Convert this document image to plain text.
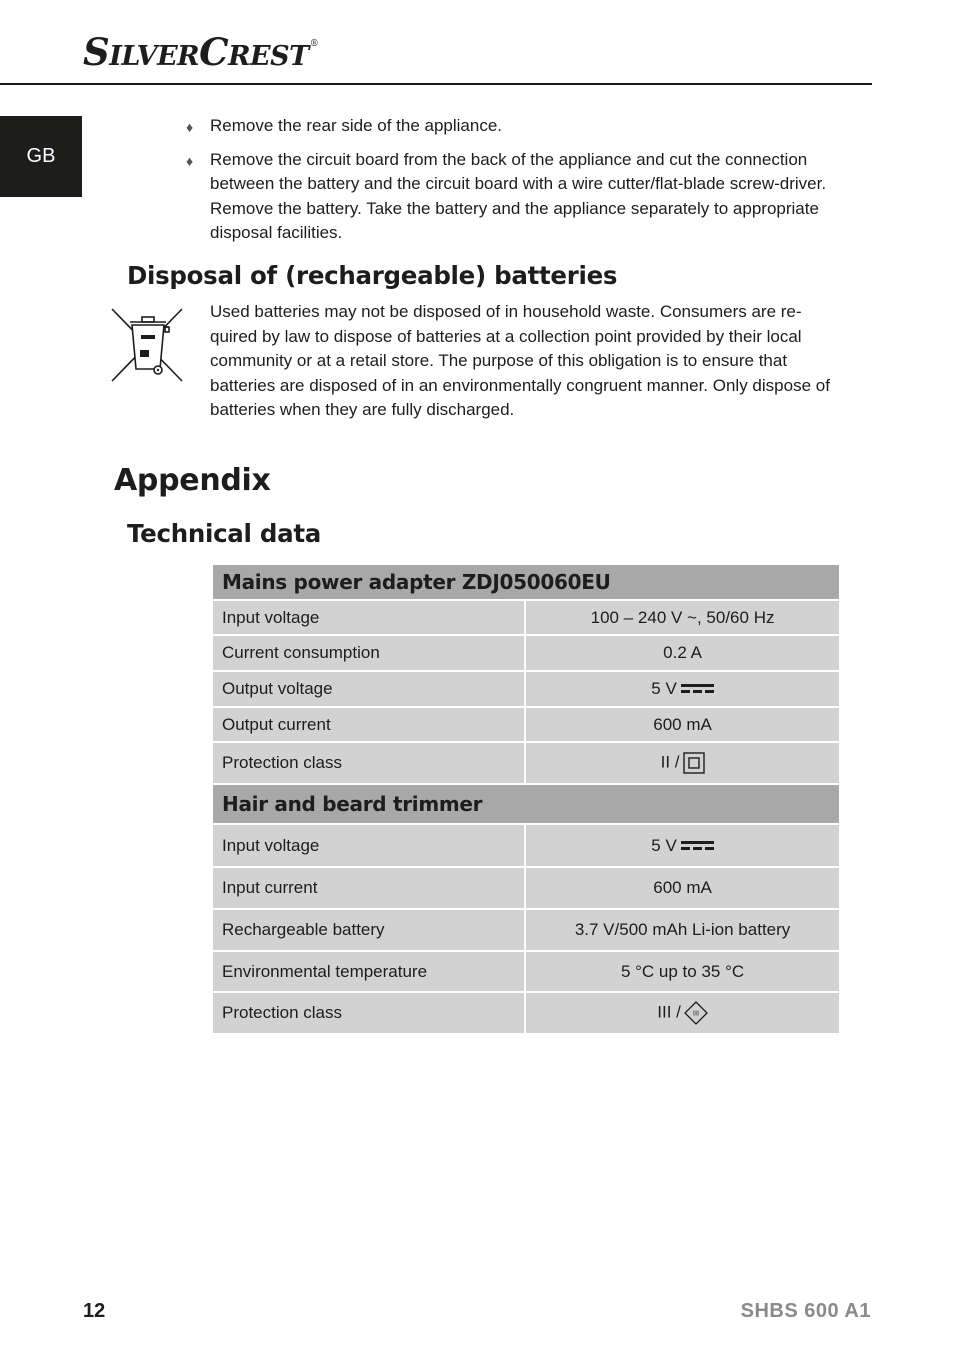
SILVERCREST®
GB
♦ Remove the rear side of the appliance.
♦ Remove the circuit board from the back of the appliance and cut the connection between the battery and the circuit board with a wire cutter/flat-blade screw-driver. Remove the battery. Take the battery and the appliance separately to appropriate disposal facilities.
Disposal of (rechargeable) batteries
Used batteries may not be disposed of in household waste. Consumers are re-quired by law to dispose of batteries at a collection point provided by their local community or at a retail store. The purpose of this obligation is to ensure that batteries are disposed of in an environmentally congruent manner. Only dispose of batteries when they are fully discharged.
Appendix
Technical data
Mains power adapter ZDJ050060EU	
Input voltage	100 – 240 V ~, 50/60 Hz
Current consumption	0.2 A
Output voltage	5 V
Output current	600 mA
Protection class	II /
Hair and beard trimmer	
Input voltage	5 V
Input current	600 mA
Rechargeable battery	3.7 V/500 mAh Li-ion battery
Environmental temperature	5 °C up to 35 °C
Protection class	III / III
12	SHBS 600 A1
